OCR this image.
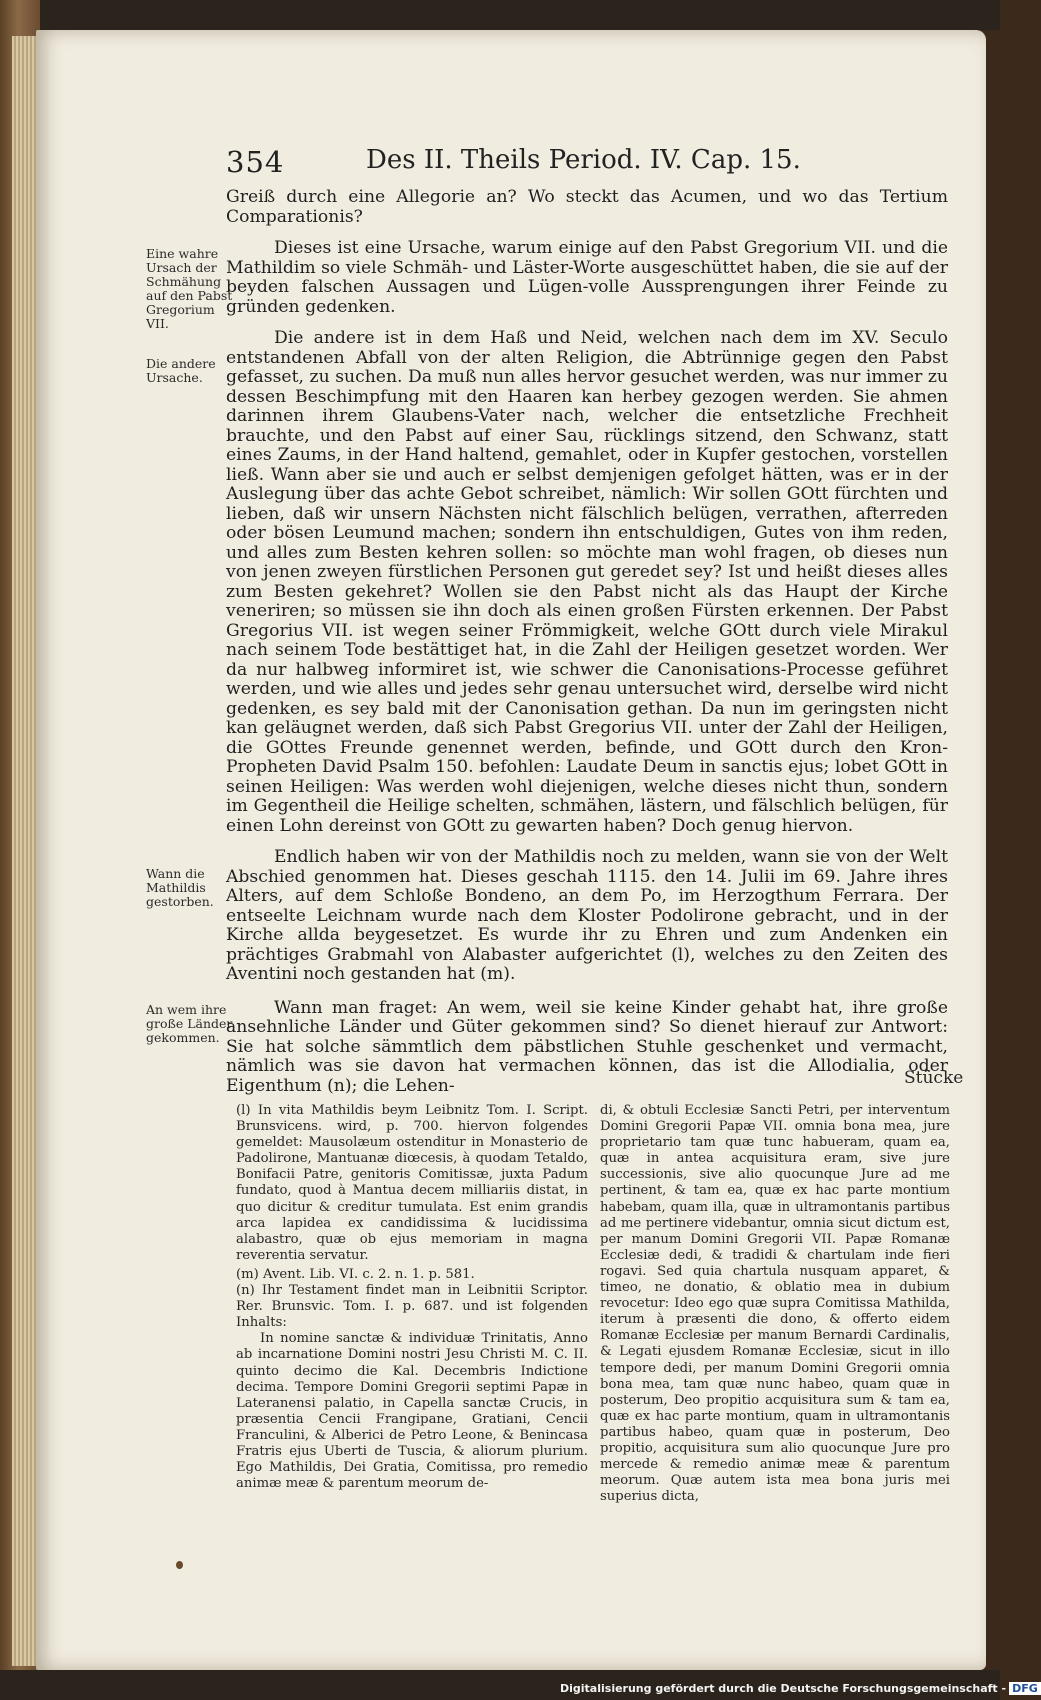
354	Des II. Theils Period. IV. Cap. 15.
Eine wahre Ursach der Schmähung auf den Pabst Gregorium VII.
Die andere Ursache.
Wann die Mathildis gestorben.
An wem ihre große Länder gekommen.

Greiß durch eine Allegorie an? Wo steckt das Acumen, und wo das Tertium Comparationis?

Dieses ist eine Ursache, warum einige auf den Pabst Gregorium VII. und die Mathildim so viele Schmäh- und Läster-Worte ausgeschüttet haben, die sie auf der beyden falschen Aussagen und Lügen-volle Aussprengungen ihrer Feinde zu gründen gedenken.

Die andere ist in dem Haß und Neid, welchen nach dem im XV. Seculo entstandenen Abfall von der alten Religion, die Abtrünnige gegen den Pabst gefasset, zu suchen. Da muß nun alles hervor gesuchet werden, was nur immer zu dessen Beschimpfung mit den Haaren kan herbey gezogen werden. Sie ahmen darinnen ihrem Glaubens-Vater nach, welcher die entsetzliche Frechheit brauchte, und den Pabst auf einer Sau, rücklings sitzend, den Schwanz, statt eines Zaums, in der Hand haltend, gemahlet, oder in Kupfer gestochen, vorstellen ließ. Wann aber sie und auch er selbst demjenigen gefolget hätten, was er in der Auslegung über das achte Gebot schreibet, nämlich: Wir sollen GOtt fürchten und lieben, daß wir unsern Nächsten nicht fälschlich belügen, verrathen, afterreden oder bösen Leumund machen; sondern ihn entschuldigen, Gutes von ihm reden, und alles zum Besten kehren sollen: so möchte man wohl fragen, ob dieses nun von jenen zweyen fürstlichen Personen gut geredet sey? Ist und heißt dieses alles zum Besten gekehret? Wollen sie den Pabst nicht als das Haupt der Kirche veneriren; so müssen sie ihn doch als einen großen Fürsten erkennen. Der Pabst Gregorius VII. ist wegen seiner Frömmigkeit, welche GOtt durch viele Mirakul nach seinem Tode bestättiget hat, in die Zahl der Heiligen gesetzet worden. Wer da nur halbweg informiret ist, wie schwer die Canonisations-Processe geführet werden, und wie alles und jedes sehr genau untersuchet wird, derselbe wird nicht gedenken, es sey bald mit der Canonisation gethan. Da nun im geringsten nicht kan geläugnet werden, daß sich Pabst Gregorius VII. unter der Zahl der Heiligen, die GOttes Freunde genennet werden, befinde, und GOtt durch den Kron-Propheten David Psalm 150. befohlen: Laudate Deum in sanctis ejus; lobet GOtt in seinen Heiligen: Was werden wohl diejenigen, welche dieses nicht thun, sondern im Gegentheil die Heilige schelten, schmähen, lästern, und fälschlich belügen, für einen Lohn dereinst von GOtt zu gewarten haben? Doch genug hiervon.

Endlich haben wir von der Mathildis noch zu melden, wann sie von der Welt Abschied genommen hat. Dieses geschah 1115. den 14. Julii im 69. Jahre ihres Alters, auf dem Schloße Bondeno, an dem Po, im Herzogthum Ferrara. Der entseelte Leichnam wurde nach dem Kloster Podolirone gebracht, und in der Kirche allda beygesetzet. Es wurde ihr zu Ehren und zum Andenken ein prächtiges Grabmahl von Alabaster aufgerichtet (l), welches zu den Zeiten des Aventini noch gestanden hat (m).

Wann man fraget: An wem, weil sie keine Kinder gehabt hat, ihre große ansehnliche Länder und Güter gekommen sind? So dienet hierauf zur Antwort: Sie hat solche sämmtlich dem päbstlichen Stuhle geschenket und vermacht, nämlich was sie davon hat vermachen können, das ist die Allodialia, oder Eigenthum (n); die Lehen-	Stücke

(l) In vita Mathildis beym Leibnitz Tom. I. Script. Brunsvicens. wird, p. 700. hiervon folgendes gemeldet: Mausolæum ostenditur in Monasterio de Padolirone, Mantuanæ diœcesis, à quodam Tetaldo, Bonifacii Patre, genitoris Comitissæ, juxta Padum fundato, quod à Mantua decem milliariis distat, in quo dicitur & creditur tumulata. Est enim grandis arca lapidea ex candidissima & lucidissima alabastro, quæ ob ejus memoriam in magna reverentia servatur.

(m) Avent. Lib. VI. c. 2. n. 1. p. 581.

(n) Ihr Testament findet man in Leibnitii Scriptor. Rer. Brunsvic. Tom. I. p. 687. und ist folgenden Inhalts:

In nomine sanctæ & individuæ Trinitatis, Anno ab incarnatione Domini nostri Jesu Christi M. C. II. quinto decimo die Kal. Decembris Indictione decima. Tempore Domini Gregorii septimi Papæ in Lateranensi palatio, in Capella sanctæ Crucis, in præsentia Cencii Frangipane, Gratiani, Cencii Franculini, & Alberici de Petro Leone, & Benincasa Fratris ejus Uberti de Tuscia, & aliorum plurium. Ego Mathildis, Dei Gratia, Comitissa, pro remedio animæ meæ & parentum meorum de-

di, & obtuli Ecclesiæ Sancti Petri, per interventum Domini Gregorii Papæ VII. omnia bona mea, jure proprietario tam quæ tunc habueram, quam ea, quæ in antea acquisitura eram, sive jure successionis, sive alio quocunque Jure ad me pertinent, & tam ea, quæ ex hac parte montium habebam, quam illa, quæ in ultramontanis partibus ad me pertinere videbantur, omnia sicut dictum est, per manum Domini Gregorii VII. Papæ Romanæ Ecclesiæ dedi, & tradidi & chartulam inde fieri rogavi. Sed quia chartula nusquam apparet, & timeo, ne donatio, & oblatio mea in dubium revocetur: Ideo ego quæ supra Comitissa Mathilda, iterum à præsenti die dono, & offerto eidem Romanæ Ecclesiæ per manum Bernardi Cardinalis, & Legati ejusdem Romanæ Ecclesiæ, sicut in illo tempore dedi, per manum Domini Gregorii omnia bona mea, tam quæ nunc habeo, quam quæ in posterum, Deo propitio acquisitura sum & tam ea, quæ ex hac parte montium, quam in ultramontanis partibus habeo, quam quæ in posterum, Deo propitio, acquisitura sum alio quocunque Jure pro mercede & remedio animæ meæ & parentum meorum. Quæ autem ista mea bona juris mei superius dicta,

Digitalisierung gefördert durch die Deutsche Forschungsgemeinschaft - DFG
